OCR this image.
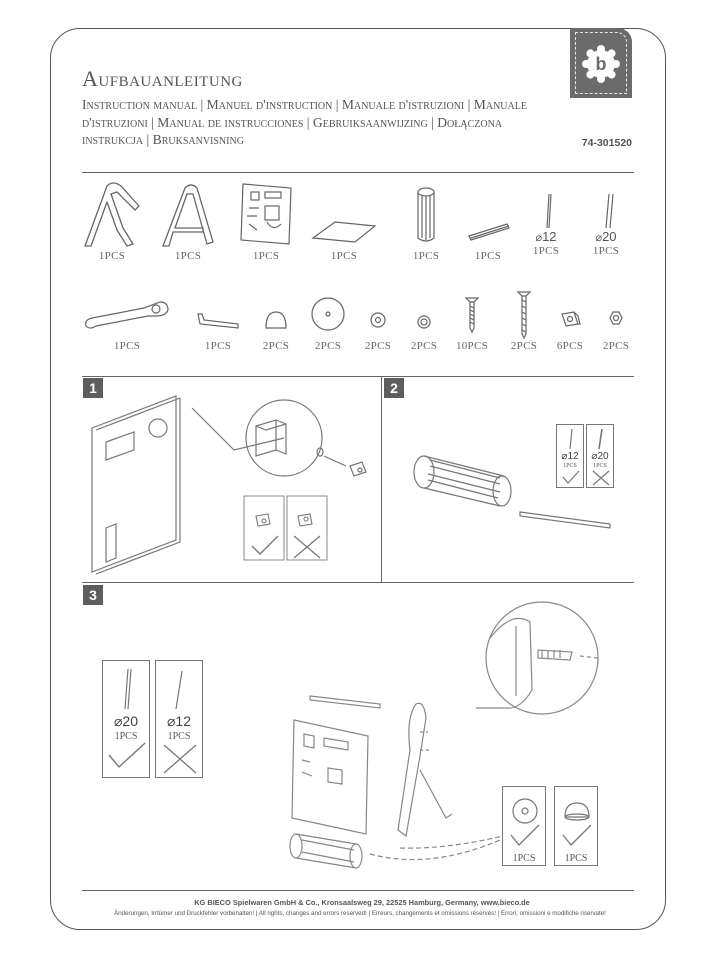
b
Aufbauanleitung

Instruction manual | Manuel d'instruction | Manuale d'istruzioni | Manuale d'istruzioni | Manual de instrucciones | Gebruiksaanwijzing | Dołączona instrukcja | Bruksanvisning	74-301520
1PCS	1PCS	1PCS	1PCS	1PCS	1PCS
⌀12
1PCS
⌀20
1PCS
1PCS	1PCS	2PCS	2PCS	2PCS	2PCS	10PCS	2PCS	6PCS	2PCS
1	2
⌀12
1PCS
⌀20
1PCS
3
⌀20
1PCS
⌀12
1PCS
1PCS	1PCS
KG BIECO Spielwaren GmbH & Co., Kronsaalsweg 29, 22525 Hamburg, Germany, www.bieco.de
Änderungen, Irrtümer und Druckfehler vorbehalten! | All rights, changes and errors reserved! | Erreurs, changements et omissions réservés! | Errori, omissioni e modifiche riservate!
